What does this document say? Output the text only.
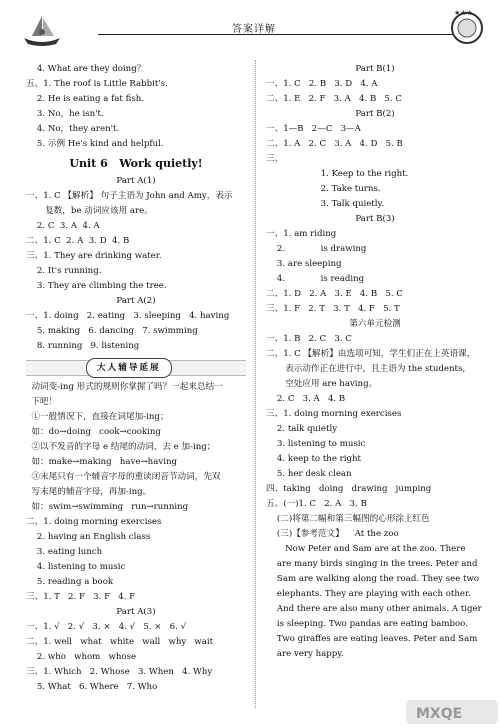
答案详解
★★★
4. What are they doing？
五、1. The roof is Little Rabbit's.
2. He is eating a fat fish.
3. No，he isn't.
4. No，they aren't.
5. 示例 He's kind and helpful.
Unit 6   Work quietly!
Part A(1)
一、1. C 【解析】 句子主语为 John and Amy，表示
复数，be 动词应该用 are。
2. C  3. A  4. A
二、1. C  2. A  3. D  4. B
三、1. They are drinking water.
2. It's running.
3. They are climbing the tree.
Part A(2)
一、1. doing   2. eating   3. sleeping   4. having
5. making   6. dancing   7. swimming
8. running   9. listening
大人辅导延展
动词变-ing 形式的规则你掌握了吗？一起来总结一
下吧！
①一般情况下，直接在词尾加-ing；
如：do→doing   cook→cooking
②以不发音的字母 e 结尾的动词，去 e 加-ing；
如：make→making   have→having
③末尾只有一个辅音字母的重读闭音节动词，先双
写末尾的辅音字母，再加-ing。
如：swim→swimming   run→running
二、1. doing morning exercises
2. having an English class
3. eating lunch
4. listening to music
5. reading a book
三、1. T   2. F   3. F   4. F
Part A(3)
一、1. √   2. √   3. ×   4. √   5. ×   6. √
二、1. well   what   white   wall   why   wait
2. who   whom   whose
三、1. Which   2. Whose   3. When   4. Why
5. What   6. Where   7. Who
Part B(1)
一、1. C   2. B   3. D   4. A
二、1. E   2. F   3. A   4. B   5. C
Part B(2)
一、1—B   2—C   3—A
二、1. A   2. C   3. A   4. D   5. B
三、
1. Keep to the right.
2. Take turns.
3. Talk quietly.
Part B(3)
一、1. am riding
2.             is drawing
3. are sleeping
4.             is reading
二、1. D   2. A   3. E   4. B   5. C
三、1. F   2. T   3. T   4. F   5. T
第六单元检测
一、1. B   2. C   3. C
二、1. C 【解析】由选项可知，学生们正在上英语课，
表示动作正在进行中，且主语为 the students，
空处应用 are having。
2. C   3. A   4. B
三、1. doing morning exercises
2. talk quietly
3. listening to music
4. keep to the right
5. her desk clean
四、taking   doing   drawing   jumping
五、(一)1. C   2. A   3. B
(二)将第二幅和第三幅图的心形涂上红色
(三)【参考范文】    At the zoo
Now Peter and Sam are at the zoo. There
are many birds singing in the trees. Peter and
Sam are walking along the road. They see two
elephants. They are playing with each other.
And there are also many other animals. A tiger
is sleeping. Two pandas are eating bamboo.
Two giraffes are eating leaves. Peter and Sam
are very happy.
MXQE
